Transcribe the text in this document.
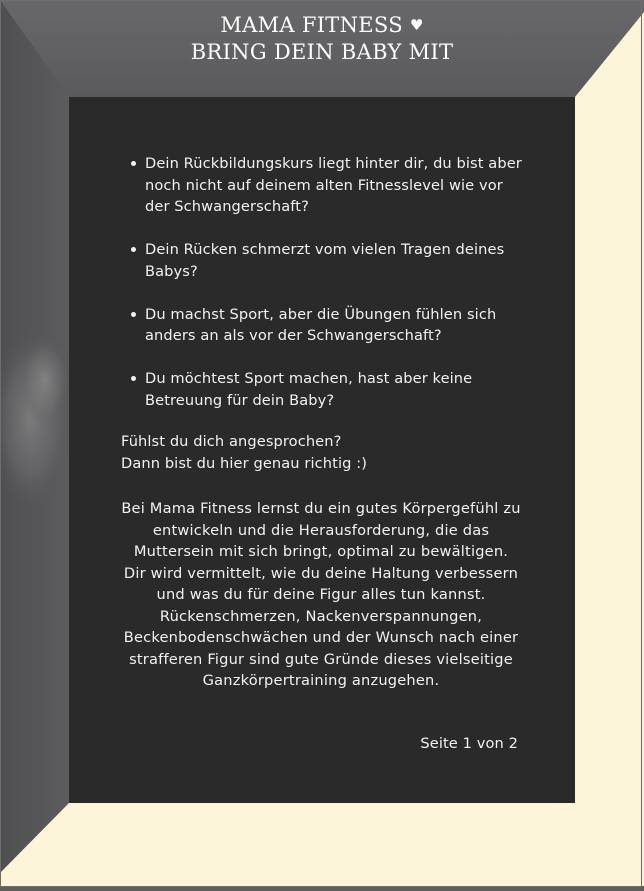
MAMA FITNESS ♥
BRING DEIN BABY MIT
Dein Rückbildungskurs liegt hinter dir, du bist aber noch nicht auf deinem alten Fitnesslevel wie vor der Schwangerschaft?
Dein Rücken schmerzt vom vielen Tragen deines Babys?
Du machst Sport, aber die Übungen fühlen sich anders an als vor der Schwangerschaft?
Du möchtest Sport machen, hast aber keine Betreuung für dein Baby?
Fühlst du dich angesprochen?
Dann bist du hier genau richtig :)
Bei Mama Fitness lernst du ein gutes Körpergefühl zu entwickeln und die Herausforderung, die das Muttersein mit sich bringt, optimal zu bewältigen. Dir wird vermittelt, wie du deine Haltung verbessern und was du für deine Figur alles tun kannst. Rückenschmerzen, Nackenverspannungen, Beckenbodenschwächen und der Wunsch nach einer strafferen Figur sind gute Gründe dieses vielseitige Ganzkörpertraining anzugehen.
Seite 1 von 2
